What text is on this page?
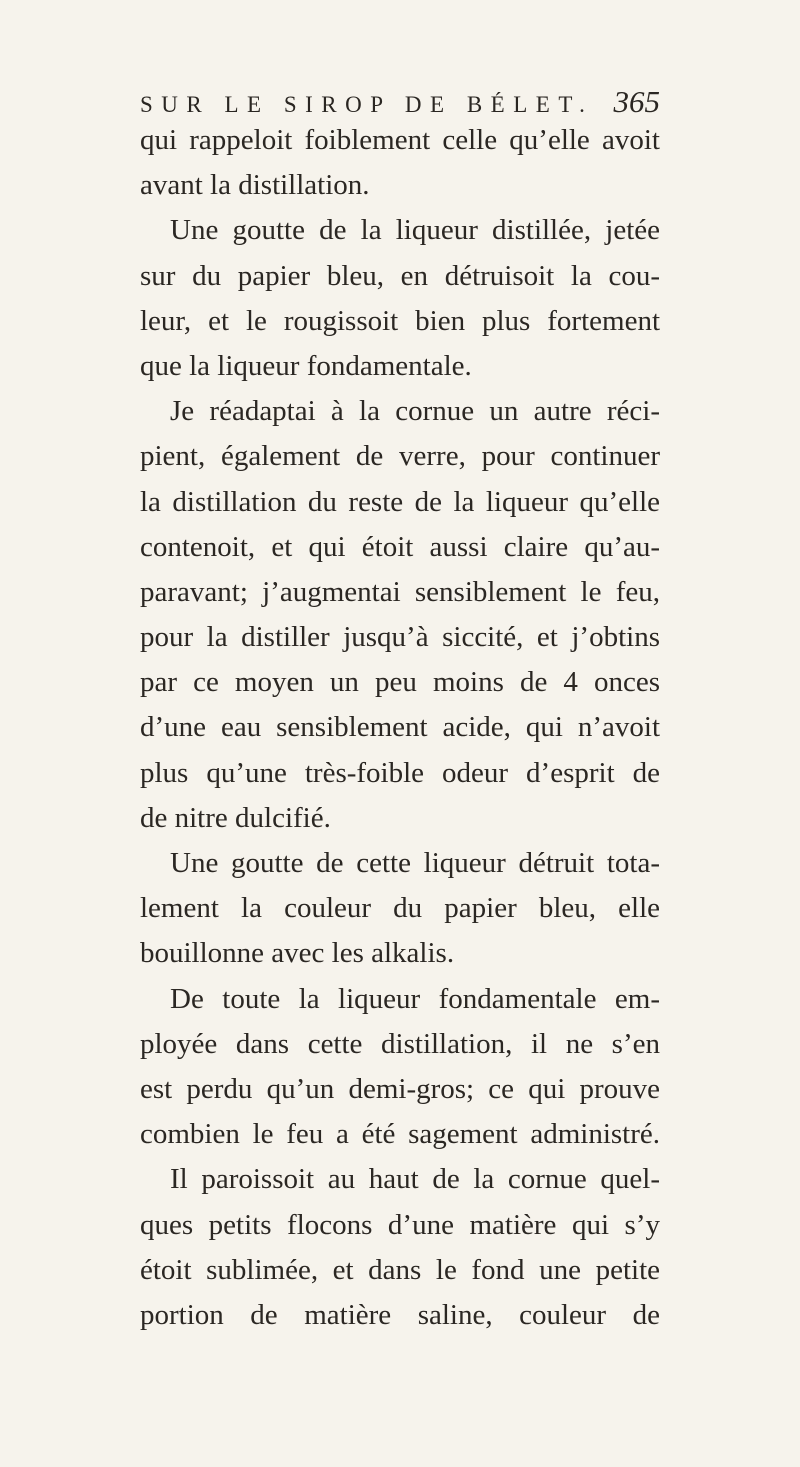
SUR LE SIROP DE BÉLET. 365
qui rappeloit foiblement celle qu’elle avoit
avant la distillation.
Une goutte de la liqueur distillée, jetée
sur du papier bleu, en détruisoit la cou-
leur, et le rougissoit bien plus fortement
que la liqueur fondamentale.
Je réadaptai à la cornue un autre réci-
pient, également de verre, pour continuer
la distillation du reste de la liqueur qu’elle
contenoit, et qui étoit aussi claire qu’au-
paravant; j’augmentai sensiblement le feu,
pour la distiller jusqu’à siccité, et j’obtins
par ce moyen un peu moins de 4 onces
d’une eau sensiblement acide, qui n’avoit
plus qu’une très-foible odeur d’esprit de
de nitre dulcifié.
Une goutte de cette liqueur détruit tota-
lement la couleur du papier bleu, elle
bouillonne avec les alkalis.
De toute la liqueur fondamentale em-
ployée dans cette distillation, il ne s’en
est perdu qu’un demi-gros; ce qui prouve
combien le feu a été sagement administré.
Il paroissoit au haut de la cornue quel-
ques petits flocons d’une matière qui s’y
étoit sublimée, et dans le fond une petite
portion de matière saline, couleur de
